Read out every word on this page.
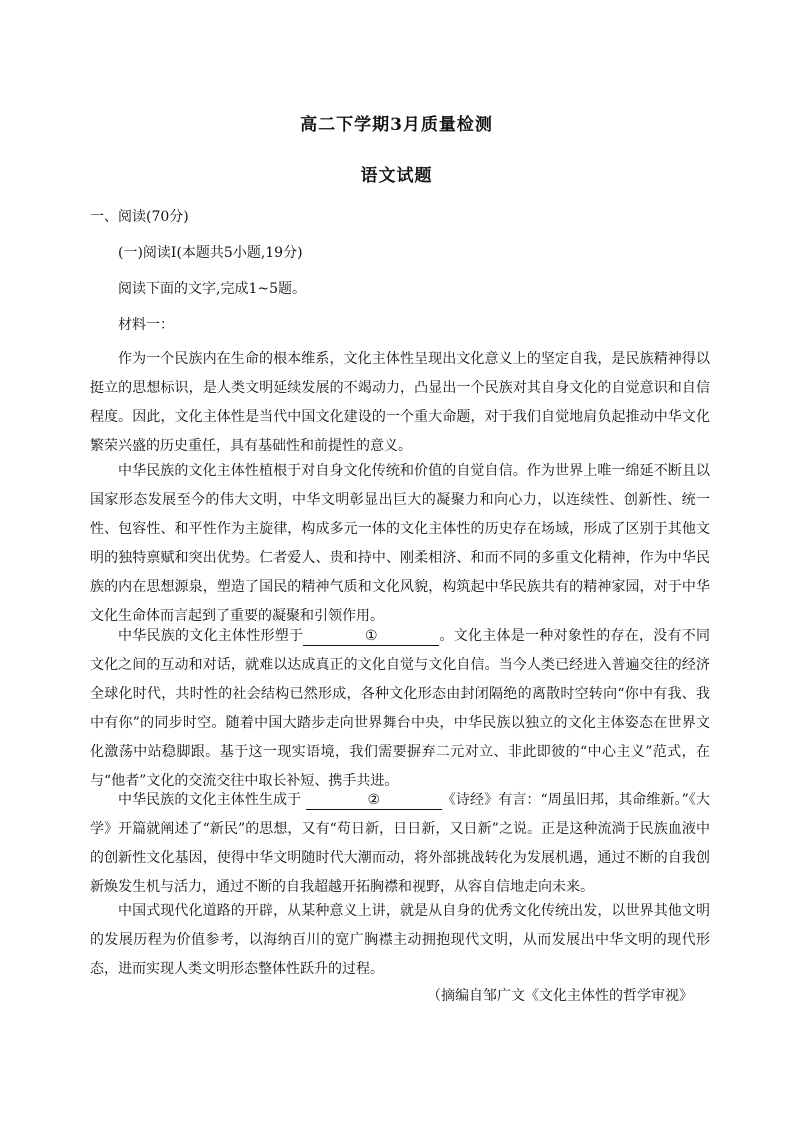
高二下学期3月质量检测
语文试题
一、阅读(70分)
(一)阅读Ⅰ(本题共5小题,19分)
阅读下面的文字,完成1~5题。
材料一：
作为一个民族内在生命的根本维系，文化主体性呈现出文化意义上的坚定自我，是民族精神得以挺立的思想标识，是人类文明延续发展的不竭动力，凸显出一个民族对其自身文化的自觉意识和自信程度。因此，文化主体性是当代中国文化建设的一个重大命题，对于我们自觉地肩负起推动中华文化繁荣兴盛的历史重任，具有基础性和前提性的意义。
中华民族的文化主体性植根于对自身文化传统和价值的自觉自信。作为世界上唯一绵延不断且以国家形态发展至今的伟大文明，中华文明彰显出巨大的凝聚力和向心力，以连续性、创新性、统一性、包容性、和平性作为主旋律，构成多元一体的文化主体性的历史存在场域，形成了区别于其他文明的独特禀赋和突出优势。仁者爱人、贵和持中、刚柔相济、和而不同的多重文化精神，作为中华民族的内在思想源泉，塑造了国民的精神气质和文化风貌，构筑起中华民族共有的精神家园，对于中华文化生命体而言起到了重要的凝聚和引领作用。
中华民族的文化主体性形塑于	①	。文化主体是一种对象性的存在，没有不同文化之间的互动和对话，就难以达成真正的文化自觉与文化自信。当今人类已经进入普遍交往的经济全球化时代，共时性的社会结构已然形成，各种文化形态由封闭隔绝的离散时空转向“你中有我、我中有你”的同步时空。随着中国大踏步走向世界舞台中央，中华民族以独立的文化主体姿态在世界文化激荡中站稳脚跟。基于这一现实语境，我们需要摒弃二元对立、非此即彼的“中心主义”范式，在与“他者”文化的交流交往中取长补短、携手共进。
中华民族的文化主体性生成于	②	《诗经》有言：“周虽旧邦，其命维新。”《大学》开篇就阐述了“新民”的思想，又有“苟日新，日日新，又日新”之说。正是这种流淌于民族血液中的创新性文化基因，使得中华文明随时代大潮而动，将外部挑战转化为发展机遇，通过不断的自我创新焕发生机与活力，通过不断的自我超越开拓胸襟和视野，从容自信地走向未来。
中国式现代化道路的开辟，从某种意义上讲，就是从自身的优秀文化传统出发，以世界其他文明的发展历程为价值参考，以海纳百川的宽广胸襟主动拥抱现代文明，从而发展出中华文明的现代形态，进而实现人类文明形态整体性跃升的过程。
（摘编自邹广文《文化主体性的哲学审视》
